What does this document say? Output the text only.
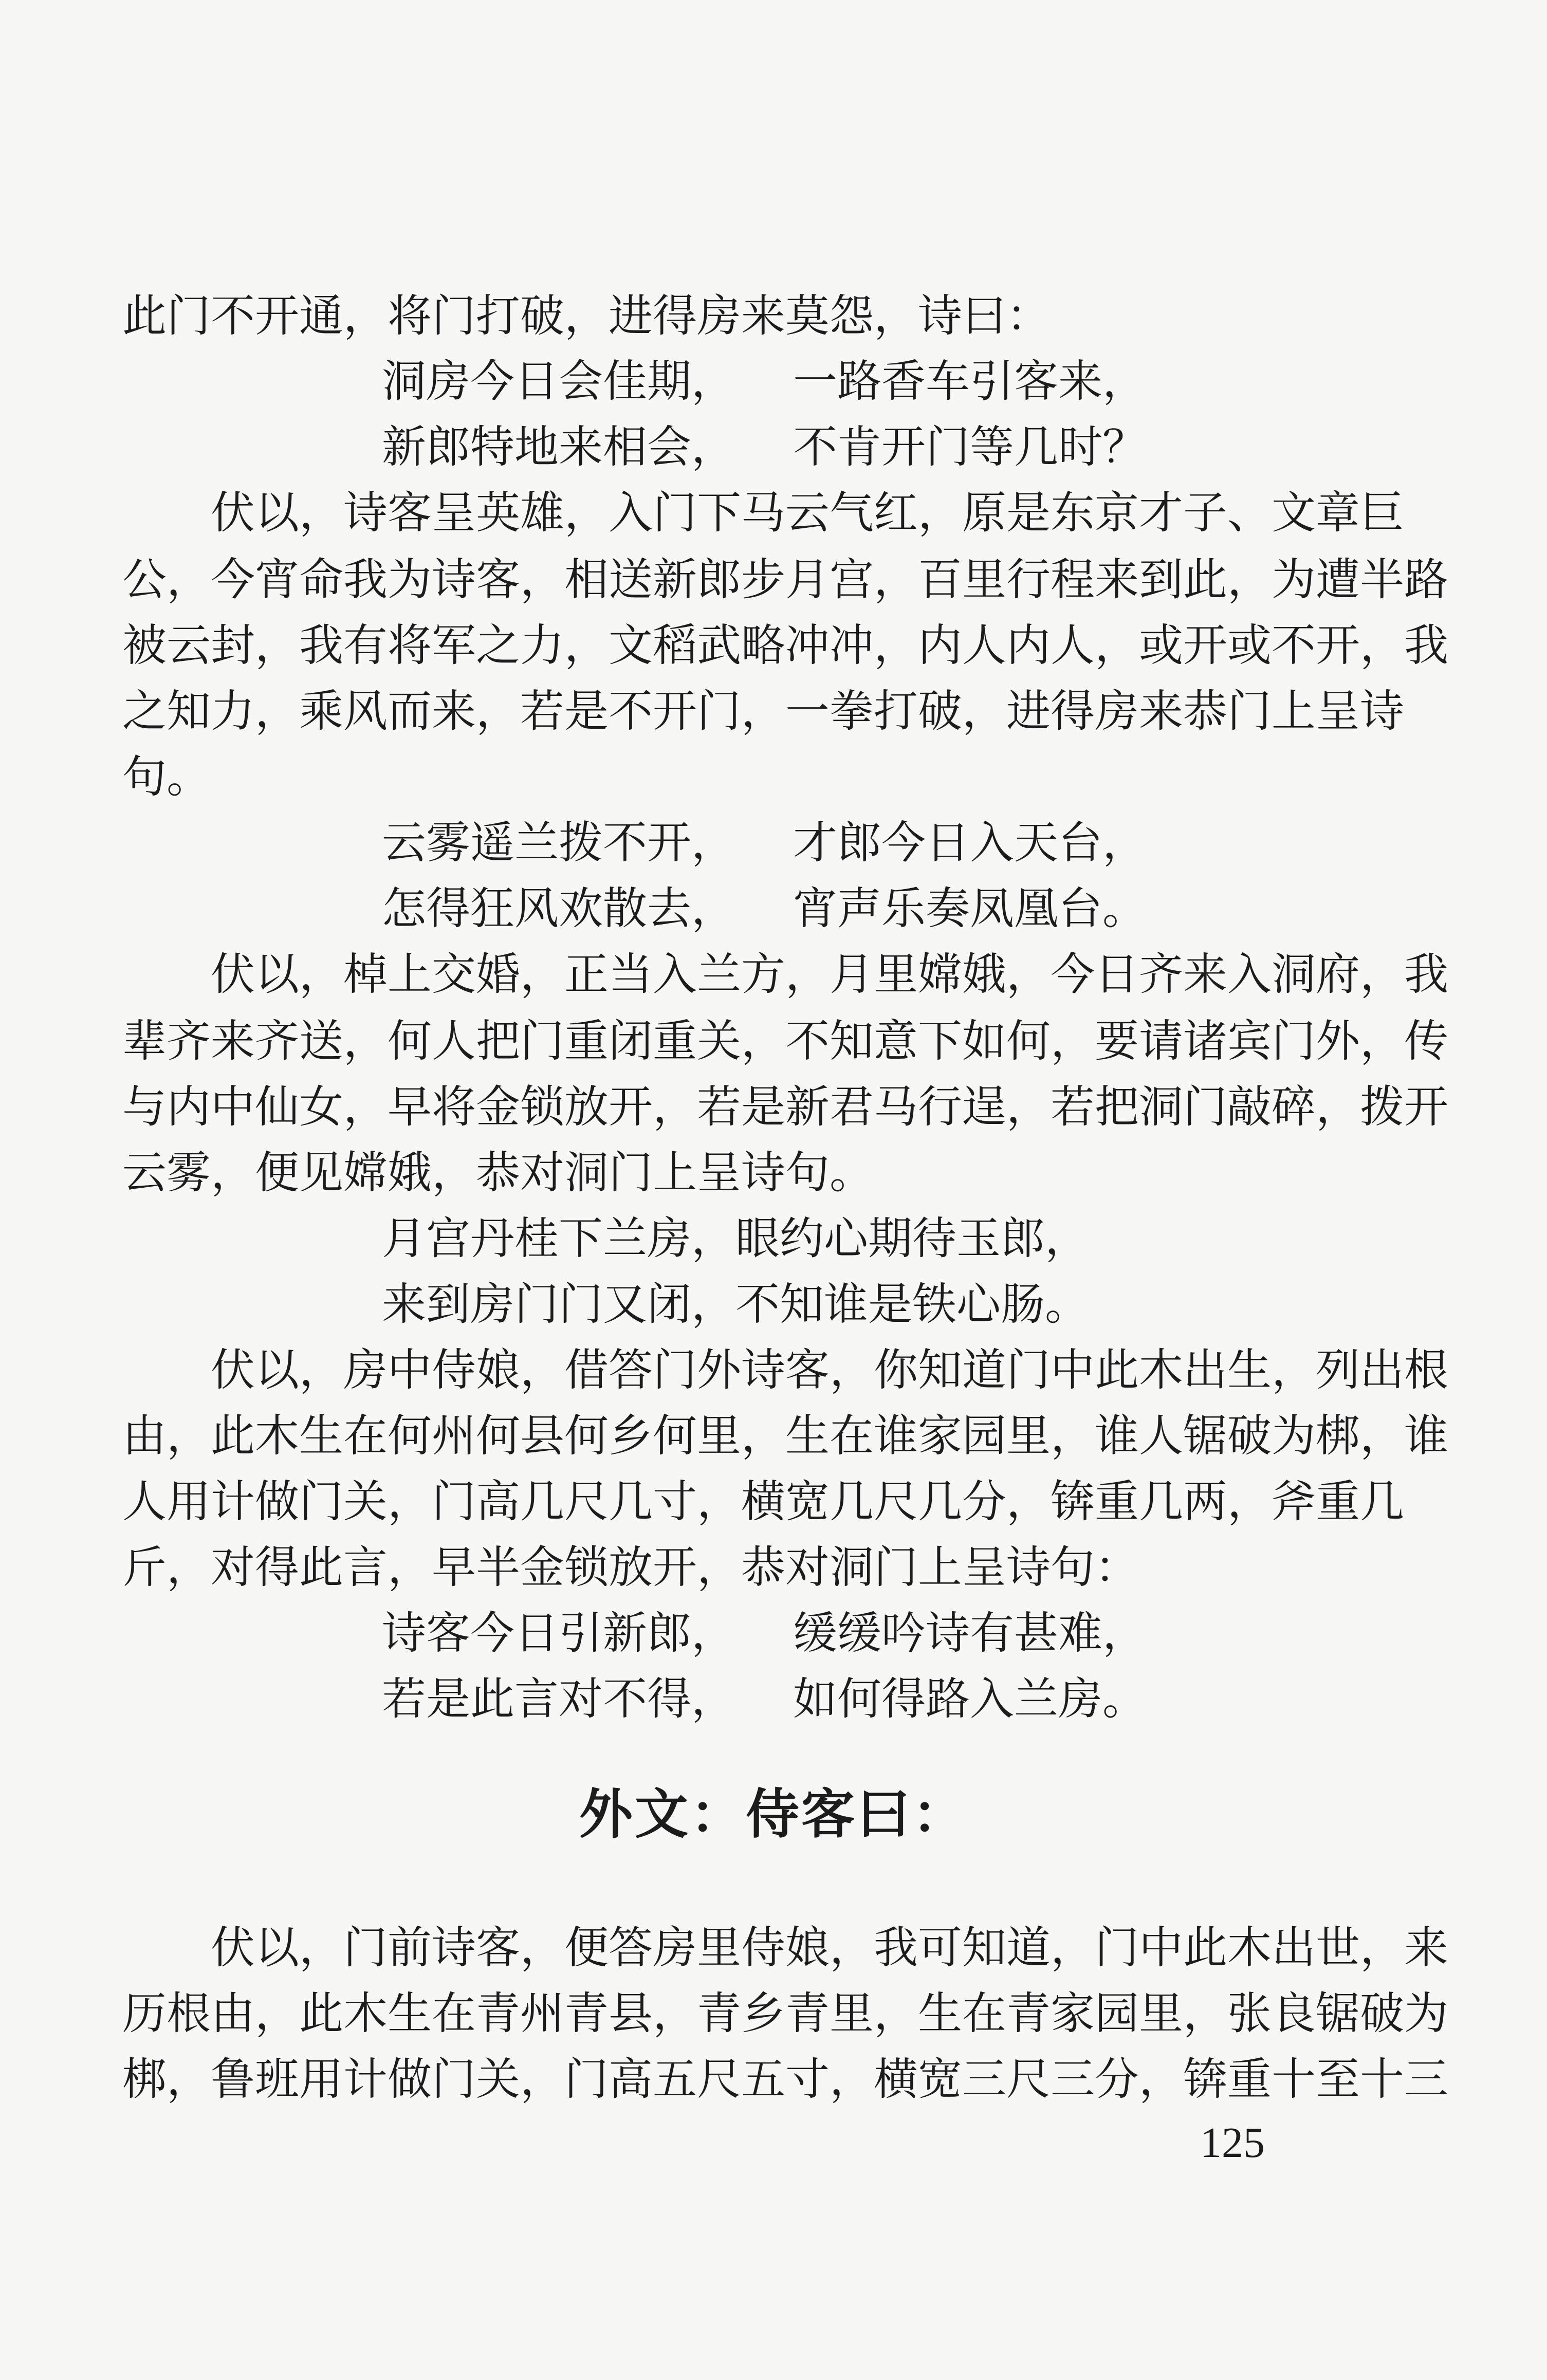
此门不开通，将门打破，进得房来莫怨，诗曰：
洞房今日会佳期， 一路香车引客来，
新郎特地来相会， 不肯开门等几时？
伏以，诗客呈英雄，入门下马云气红，原是东京才子、文章巨
公，今宵命我为诗客，相送新郎步月宫，百里行程来到此，为遭半路
被云封，我有将军之力，文稻武略冲冲，内人内人，或开或不开，我
之知力，乘风而来，若是不开门，一拳打破，进得房来恭门上呈诗
句。
云雾遥兰拨不开， 才郎今日入天台，
怎得狂风欢散去， 宵声乐奏凤凰台。
伏以，棹上交婚，正当入兰方，月里嫦娥，今日齐来入洞府，我
辈齐来齐送，何人把门重闭重关，不知意下如何，要请诸宾门外，传
与内中仙女，早将金锁放开，若是新君马行逞，若把洞门敲碎，拨开
云雾，便见嫦娥，恭对洞门上呈诗句。
月宫丹桂下兰房，眼约心期待玉郎，
来到房门门又闭，不知谁是铁心肠。
伏以，房中侍娘，借答门外诗客，你知道门中此木出生，列出根
由，此木生在何州何县何乡何里，生在谁家园里，谁人锯破为梆，谁
人用计做门关，门高几尺几寸，横宽几尺几分，锛重几两，斧重几
斤，对得此言，早半金锁放开，恭对洞门上呈诗句：
诗客今日引新郎， 缓缓吟诗有甚难，
若是此言对不得， 如何得路入兰房。
伏以，门前诗客，便答房里侍娘，我可知道，门中此木出世，来
历根由，此木生在青州青县，青乡青里，生在青家园里，张良锯破为
梆，鲁班用计做门关，门高五尺五寸，横宽三尺三分，锛重十至十三
外文：侍客曰：
125
